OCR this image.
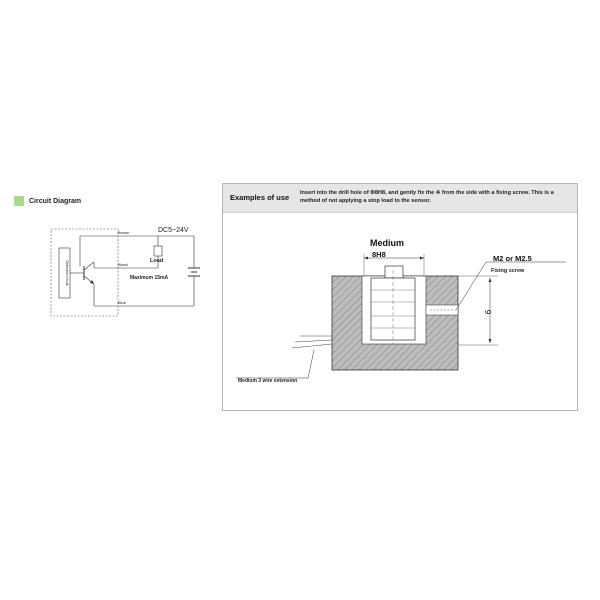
Circuit Diagram
Detection circuit
Brown
Black
Blue
DC5~24V
Load
Maximum 15mA
Examples of use Insert into the drill hole of Φ8H8, and gently fix the ※ from the side with a fixing screw. This is a method of not applying a stop load to the sensor.
Medium
8H8	M2 or M2.5
Fixing screw
9
Medium 3 wire extension
